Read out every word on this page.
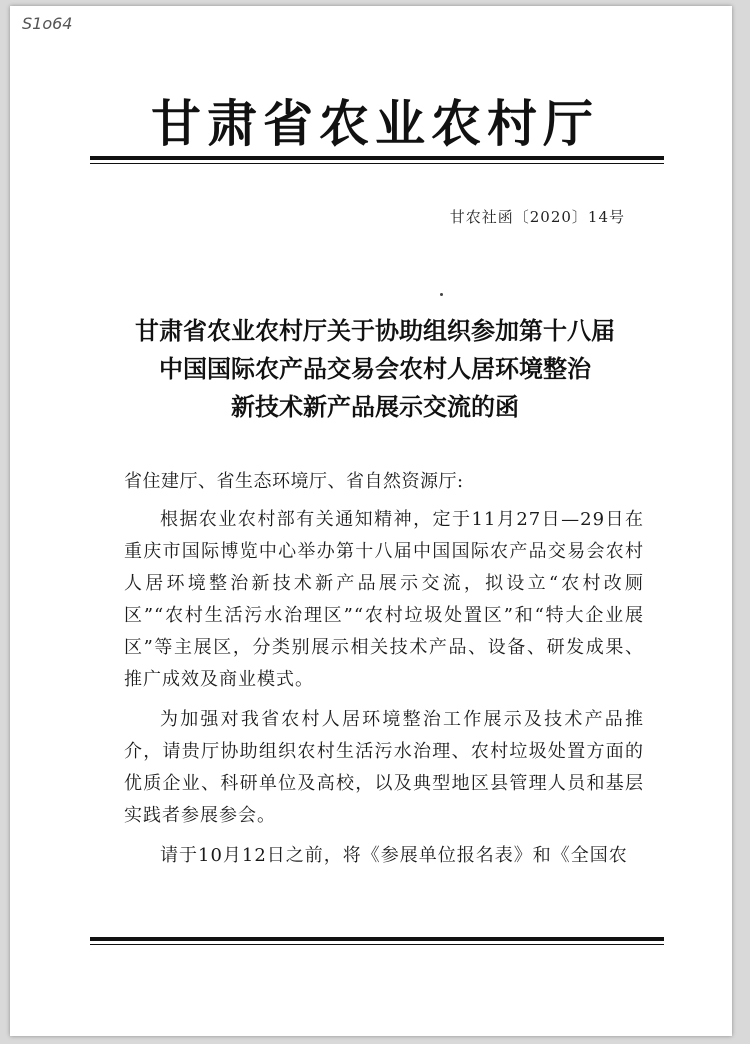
S1o64
甘肃省农业农村厅
甘农社函〔2020〕14号
甘肃省农业农村厅关于协助组织参加第十八届
中国国际农产品交易会农村人居环境整治
新技术新产品展示交流的函

省住建厅、省生态环境厅、省自然资源厅:

根据农业农村部有关通知精神，定于11月27日—29日在重庆市国际博览中心举办第十八届中国国际农产品交易会农村人居环境整治新技术新产品展示交流，拟设立“农村改厕区”“农村生活污水治理区”“农村垃圾处置区”和“特大企业展区”等主展区，分类别展示相关技术产品、设备、研发成果、推广成效及商业模式。

为加强对我省农村人居环境整治工作展示及技术产品推介，请贵厅协助组织农村生活污水治理、农村垃圾处置方面的优质企业、科研单位及高校，以及典型地区县管理人员和基层实践者参展参会。

请于10月12日之前，将《参展单位报名表》和《全国农
